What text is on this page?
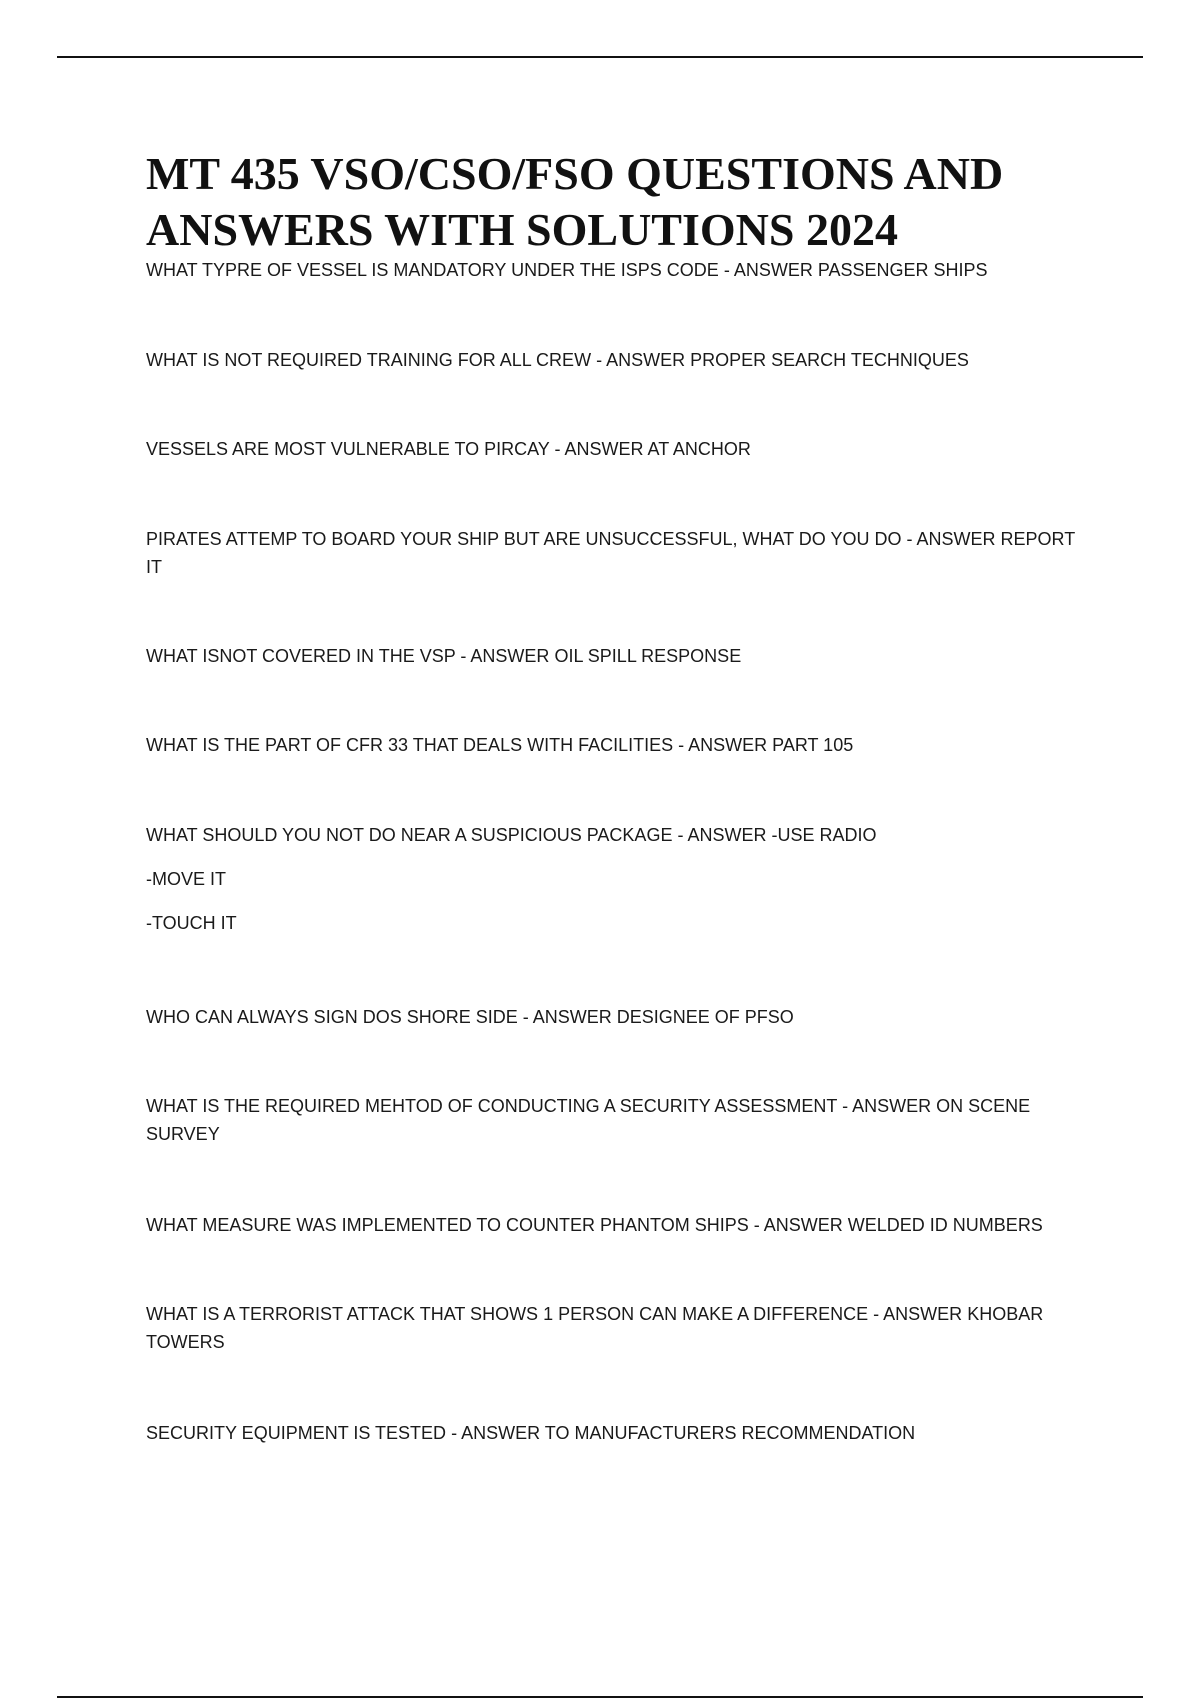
MT 435 VSO/CSO/FSO QUESTIONS AND ANSWERS WITH SOLUTIONS 2024
WHAT TYPRE OF VESSEL IS MANDATORY UNDER THE ISPS CODE - ANSWER PASSENGER SHIPS
WHAT IS NOT REQUIRED TRAINING FOR ALL CREW - ANSWER PROPER SEARCH TECHNIQUES
VESSELS ARE MOST VULNERABLE TO PIRCAY - ANSWER AT ANCHOR
PIRATES ATTEMP TO BOARD YOUR SHIP BUT ARE UNSUCCESSFUL, WHAT DO YOU DO - ANSWER REPORT IT
WHAT ISNOT COVERED IN THE VSP - ANSWER OIL SPILL RESPONSE
WHAT IS THE PART OF CFR 33 THAT DEALS WITH FACILITIES - ANSWER PART 105

WHAT SHOULD YOU NOT DO NEAR A SUSPICIOUS PACKAGE - ANSWER -USE RADIO

-MOVE IT

-TOUCH IT

WHO CAN ALWAYS SIGN DOS SHORE SIDE - ANSWER DESIGNEE OF PFSO
WHAT IS THE REQUIRED MEHTOD OF CONDUCTING A SECURITY ASSESSMENT - ANSWER ON SCENE SURVEY
WHAT MEASURE WAS IMPLEMENTED TO COUNTER PHANTOM SHIPS - ANSWER WELDED ID NUMBERS
WHAT IS A TERRORIST ATTACK THAT SHOWS 1 PERSON CAN MAKE A DIFFERENCE - ANSWER KHOBAR TOWERS
SECURITY EQUIPMENT IS TESTED - ANSWER TO MANUFACTURERS RECOMMENDATION
